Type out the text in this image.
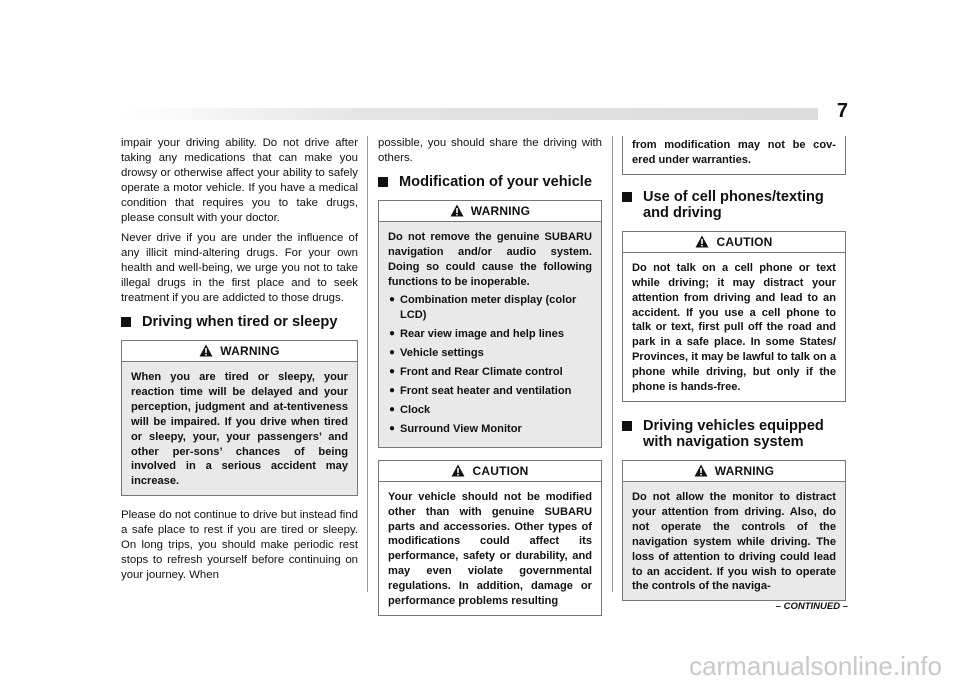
7

impair your driving ability. Do not drive after taking any medications that can make you drowsy or otherwise affect your ability to safely operate a motor vehicle. If you have a medical condition that requires you to take drugs, please consult with your doctor.

Never drive if you are under the influence of any illicit mind-altering drugs. For your own health and well-being, we urge you not to take illegal drugs in the first place and to seek treatment if you are addicted to those drugs.

Driving when tired or sleepy
WARNING

When you are tired or sleepy, your reaction time will be delayed and your perception, judgment and at-tentiveness will be impaired. If you drive when tired or sleepy, your, your passengers’ and other per-sons’ chances of being involved in a serious accident may increase.

Please do not continue to drive but instead find a safe place to rest if you are tired or sleepy. On long trips, you should make periodic rest stops to refresh yourself before continuing on your journey. When

possible, you should share the driving with others.

Modification of your vehicle
WARNING

Do not remove the genuine SUBARU navigation and/or audio system. Doing so could cause the following functions to be inoperable.

● Combination meter display (color LCD)
● Rear view image and help lines
● Vehicle settings
● Front and Rear Climate control
● Front seat heater and ventilation
● Clock
● Surround View Monitor
CAUTION

Your vehicle should not be modified other than with genuine SUBARU parts and accessories. Other types of modifications could affect its performance, safety or durability, and may even violate governmental regulations. In addition, damage or performance problems resulting

from modification may not be cov-ered under warranties.

Use of cell phones/texting and driving
CAUTION

Do not talk on a cell phone or text while driving; it may distract your attention from driving and lead to an accident. If you use a cell phone to talk or text, first pull off the road and park in a safe place. In some States/ Provinces, it may be lawful to talk on a phone while driving, but only if the phone is hands-free.

Driving vehicles equipped with navigation system
WARNING

Do not allow the monitor to distract your attention from driving. Also, do not operate the controls of the navigation system while driving. The loss of attention to driving could lead to an accident. If you wish to operate the controls of the naviga-

– CONTINUED –
carmanualsonline.info
